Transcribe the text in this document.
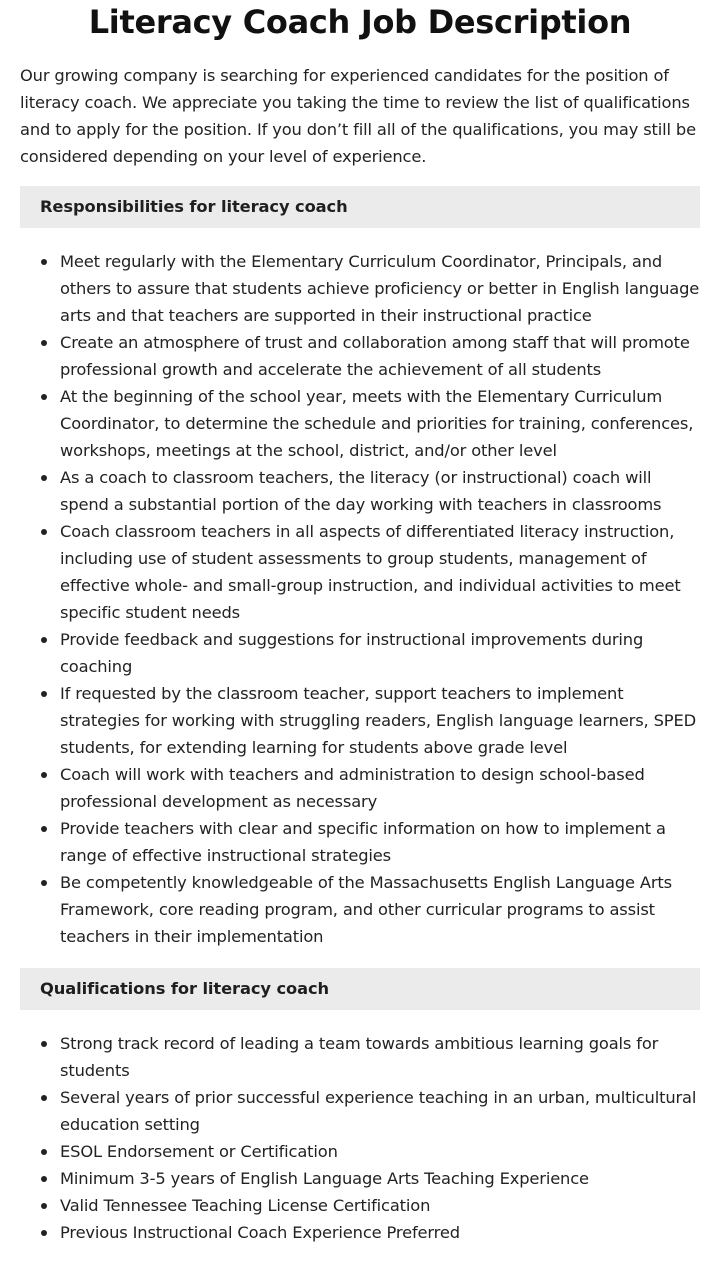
Literacy Coach Job Description

Our growing company is searching for experienced candidates for the position of literacy coach. We appreciate you taking the time to review the list of qualifications and to apply for the position. If you don’t fill all of the qualifications, you may still be considered depending on your level of experience.

Responsibilities for literacy coach
Meet regularly with the Elementary Curriculum Coordinator, Principals, and others to assure that students achieve proficiency or better in English language arts and that teachers are supported in their instructional practice
Create an atmosphere of trust and collaboration among staff that will promote professional growth and accelerate the achievement of all students
At the beginning of the school year, meets with the Elementary Curriculum Coordinator, to determine the schedule and priorities for training, conferences, workshops, meetings at the school, district, and/or other level
As a coach to classroom teachers, the literacy (or instructional) coach will spend a substantial portion of the day working with teachers in classrooms
Coach classroom teachers in all aspects of differentiated literacy instruction, including use of student assessments to group students, management of effective whole- and small-group instruction, and individual activities to meet specific student needs
Provide feedback and suggestions for instructional improvements during coaching
If requested by the classroom teacher, support teachers to implement strategies for working with struggling readers, English language learners, SPED students, for extending learning for students above grade level
Coach will work with teachers and administration to design school-based professional development as necessary
Provide teachers with clear and specific information on how to implement a range of effective instructional strategies
Be competently knowledgeable of the Massachusetts English Language Arts Framework, core reading program, and other curricular programs to assist teachers in their implementation
Qualifications for literacy coach
Strong track record of leading a team towards ambitious learning goals for students
Several years of prior successful experience teaching in an urban, multicultural education setting
ESOL Endorsement or Certification
Minimum 3-5 years of English Language Arts Teaching Experience
Valid Tennessee Teaching License Certification
Previous Instructional Coach Experience Preferred
